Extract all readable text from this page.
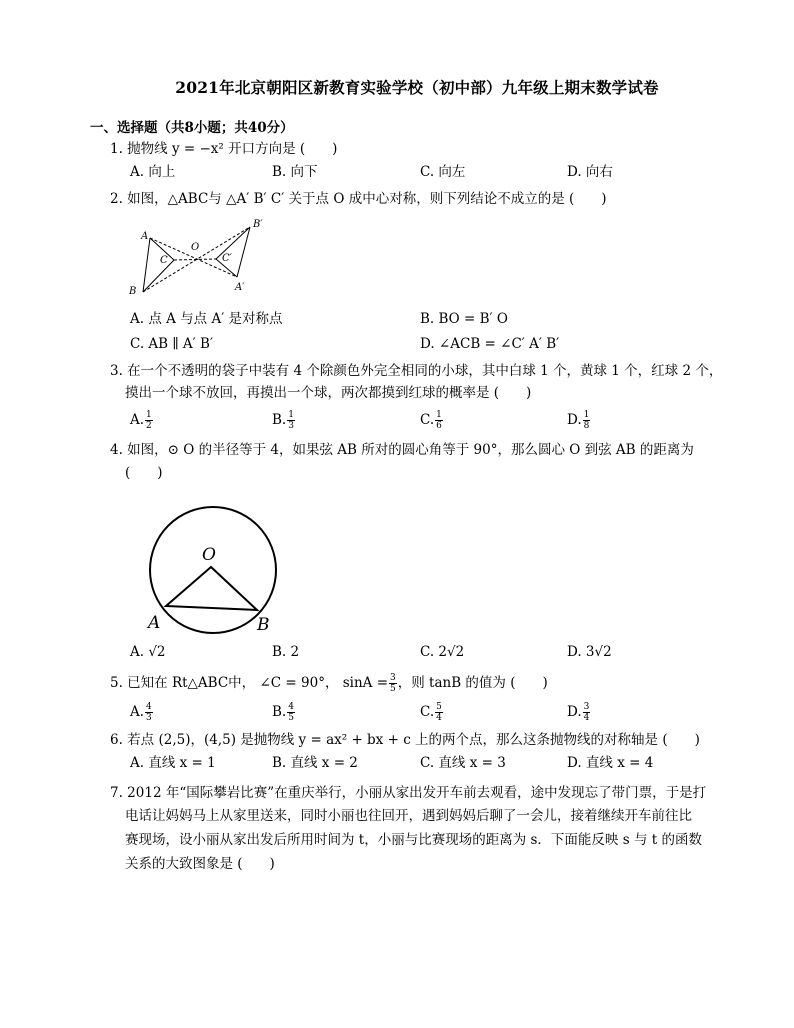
2021年北京朝阳区新教育实验学校（初中部）九年级上期末数学试卷
一、选择题（共8小题；共40分）
1. 抛物线 y = −x² 开口方向是 (　　)
A. 向上	B. 向下	C. 向左	D. 向右
2. 如图，△ABC与 △A′ B′ C′ 关于点 O 成中心对称，则下列结论不成立的是 (　　)
A
O
B′
C	C′
B	A′
A. 点 A 与点 A′ 是对称点	B. BO = B′ O
C. AB ∥ A′ B′	D. ∠ACB = ∠C′ A′ B′
3. 在一个不透明的袋子中装有 4 个除颜色外完全相同的小球，其中白球 1 个，黄球 1 个，红球 2 个，
摸出一个球不放回，再摸出一个球，两次都摸到红球的概率是 (　　)
A. $\frac{1}{2}$	B. $\frac{1}{3}$	C. $\frac{1}{6}$	D. $\frac{1}{8}$
4. 如图，⊙ O 的半径等于 4，如果弦 AB 所对的圆心角等于 90°，那么圆心 O 到弦 AB 的距离为
(　　)
O
A	B
A. √2	B. 2	C. 2√2	D. 3√2
5. 已知在 Rt△ABC中， ∠C = 90°， $\sin A = \frac{3}{5}$ ，则 tanB 的值为 (　　)
A. $\frac{4}{3}$	B. $\frac{4}{5}$	C. $\frac{5}{4}$	D. $\frac{3}{4}$
6. 若点 (2,5)，(4,5) 是抛物线 y = ax² + bx + c 上的两个点，那么这条抛物线的对称轴是 (　　)
A. 直线 x = 1	B. 直线 x = 2	C. 直线 x = 3	D. 直线 x = 4
7. 2012 年“国际攀岩比赛”在重庆举行，小丽从家出发开车前去观看，途中发现忘了带门票，于是打
电话让妈妈马上从家里送来，同时小丽也往回开，遇到妈妈后聊了一会儿，接着继续开车前往比
赛现场，设小丽从家出发后所用时间为 t，小丽与比赛现场的距离为 s．下面能反映 s 与 t 的函数
关系的大致图象是 (　　)
